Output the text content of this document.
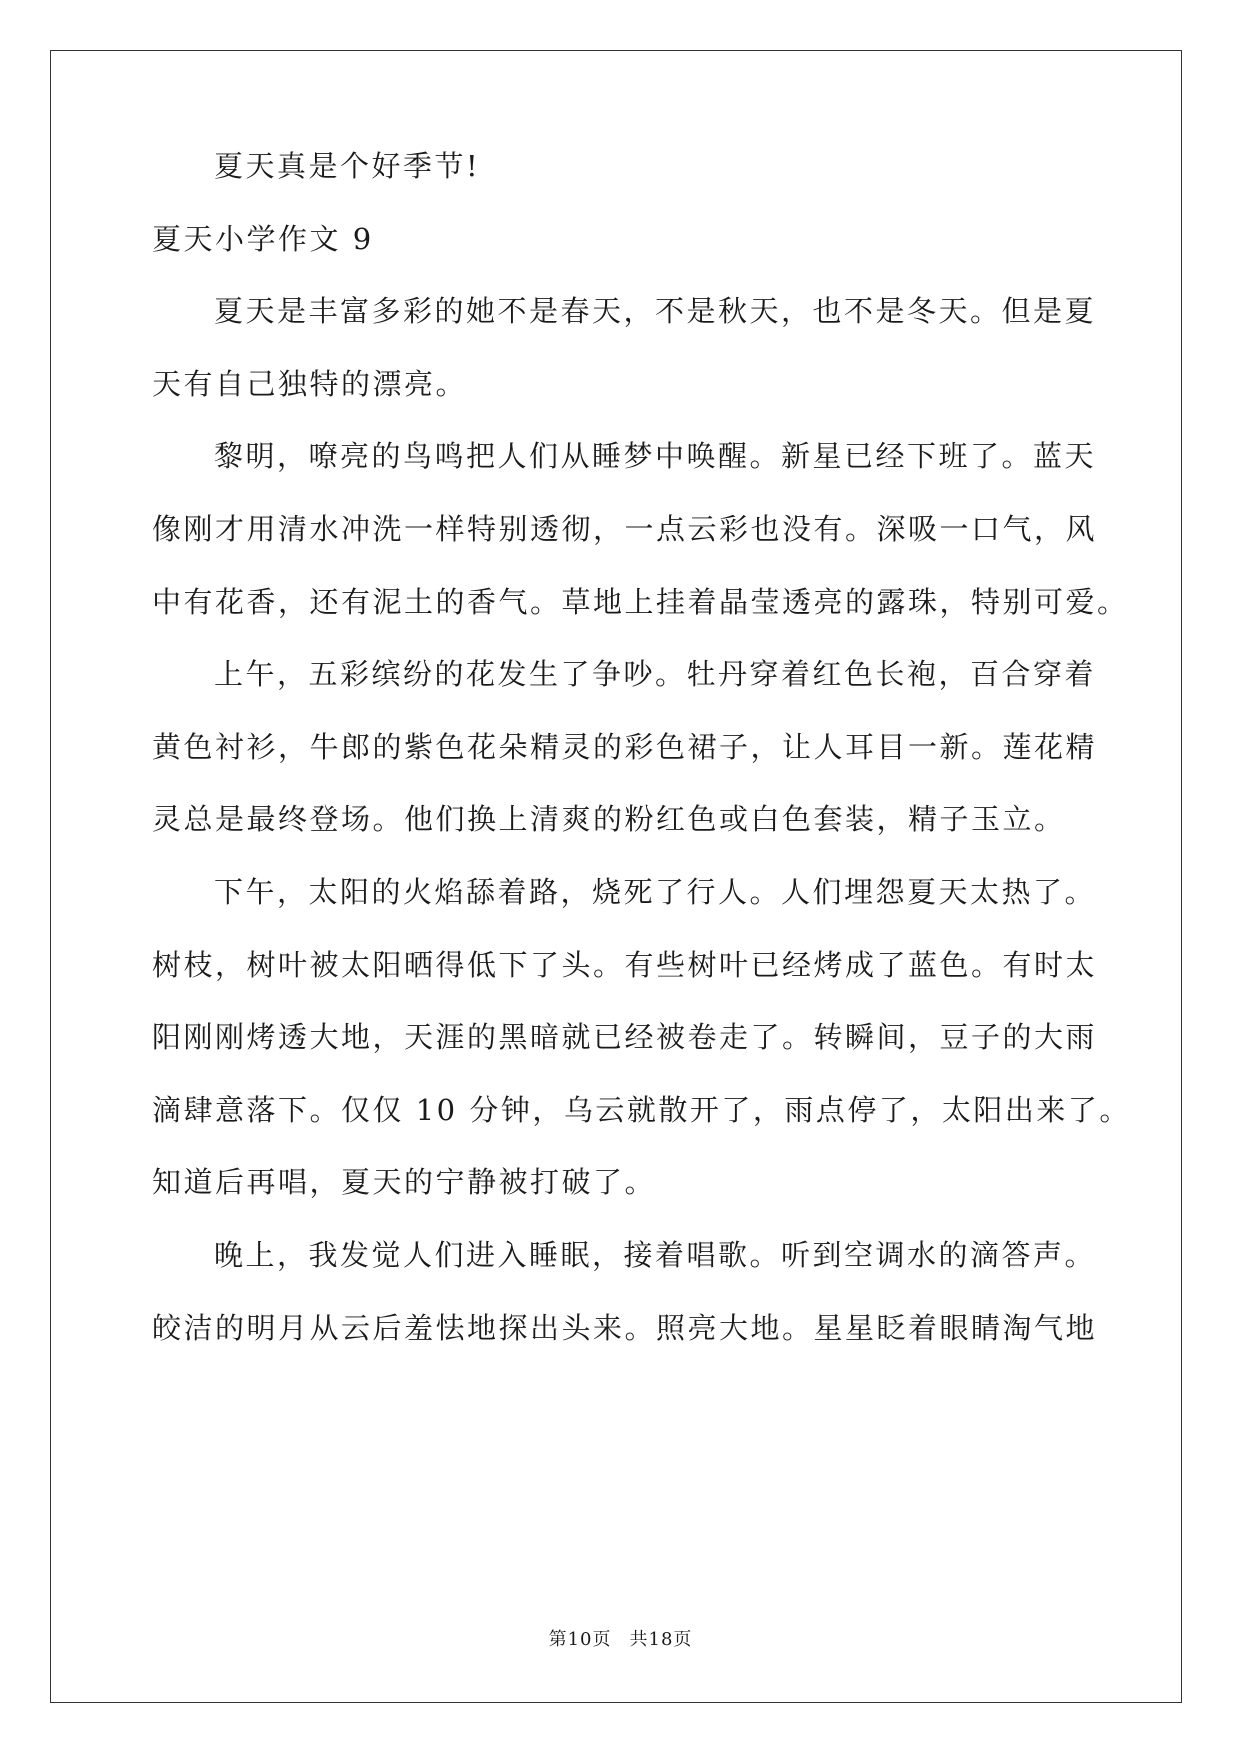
夏天真是个好季节!
夏天小学作文 9
夏天是丰富多彩的她不是春天，不是秋天，也不是冬天。但是夏
天有自己独特的漂亮。
黎明，嘹亮的鸟鸣把人们从睡梦中唤醒。新星已经下班了。蓝天
像刚才用清水冲洗一样特别透彻，一点云彩也没有。深吸一口气，风
中有花香，还有泥土的香气。草地上挂着晶莹透亮的露珠，特别可爱。
上午，五彩缤纷的花发生了争吵。牡丹穿着红色长袍，百合穿着
黄色衬衫，牛郎的紫色花朵精灵的彩色裙子，让人耳目一新。莲花精
灵总是最终登场。他们换上清爽的粉红色或白色套装，精子玉立。
下午，太阳的火焰舔着路，烧死了行人。人们埋怨夏天太热了。
树枝，树叶被太阳晒得低下了头。有些树叶已经烤成了蓝色。有时太
阳刚刚烤透大地，天涯的黑暗就已经被卷走了。转瞬间，豆子的大雨
滴肆意落下。仅仅 10 分钟，乌云就散开了，雨点停了，太阳出来了。
知道后再唱，夏天的宁静被打破了。
晚上，我发觉人们进入睡眠，接着唱歌。听到空调水的滴答声。
皎洁的明月从云后羞怯地探出头来。照亮大地。星星眨着眼睛淘气地
第10页 共18页
